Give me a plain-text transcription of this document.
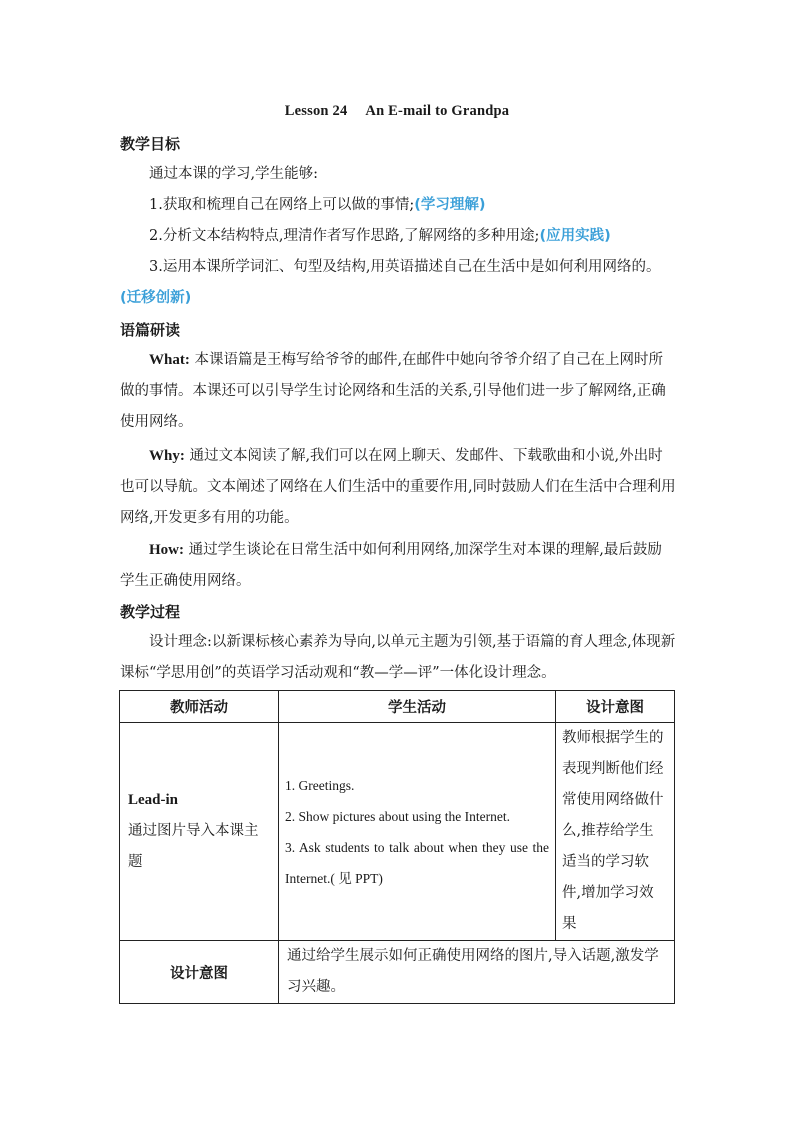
Lesson 24 An E-mail to Grandpa
教学目标
通过本课的学习,学生能够:
1.获取和梳理自己在网络上可以做的事情;(学习理解)
2.分析文本结构特点,理清作者写作思路,了解网络的多种用途;(应用实践)
3.运用本课所学词汇、句型及结构,用英语描述自己在生活中是如何利用网络的。(迁移创新)
语篇研读
What: 本课语篇是王梅写给爷爷的邮件,在邮件中她向爷爷介绍了自己在上网时所做的事情。本课还可以引导学生讨论网络和生活的关系,引导他们进一步了解网络,正确使用网络。
Why: 通过文本阅读了解,我们可以在网上聊天、发邮件、下载歌曲和小说,外出时也可以导航。文本阐述了网络在人们生活中的重要作用,同时鼓励人们在生活中合理利用网络,开发更多有用的功能。
How: 通过学生谈论在日常生活中如何利用网络,加深学生对本课的理解,最后鼓励学生正确使用网络。
教学过程
设计理念:以新课标核心素养为导向,以单元主题为引领,基于语篇的育人理念,体现新课标“学思用创”的英语学习活动观和“教—学—评”一体化设计理念。
教师活动	学生活动	设计意图

Lead-in
通过图片导入本课主题	1. Greetings.
2. Show pictures about using the Internet.
3. Ask students to talk about when they use the Internet.( 见 PPT)	教师根据学生的表现判断他们经常使用网络做什么,推荐给学生适当的学习软件,增加学习效果
设计意图	通过给学生展示如何正确使用网络的图片,导入话题,激发学习兴趣。	
